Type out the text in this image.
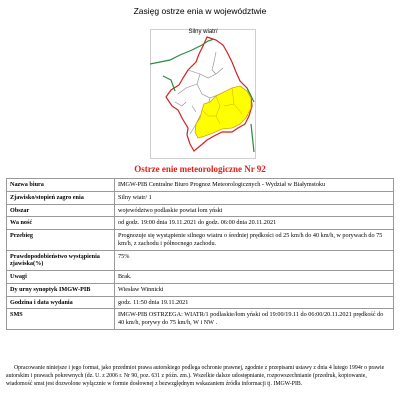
Zasięg ostrze enia w województwie
Silny wiatr/
Ostrze enie meteorologiczne Nr 92
Nazwa biura	IMGW-PIB Centralne Biuro Prognoz Meteorologicznych - Wydział w Białymstoku
Zjawisko/stopień zagro enia	Silny wiatr/ 1
Obszar	województwo podlaskie powiat łom yński
Wa ność	od godz. 19:00 dnia 19.11.2021 do godz. 06:00 dnia 20.11.2021
Przebieg	Prognozuje się wystąpienie silnego wiatru o średniej prędkości od 25 km/h do 40 km/h, w porywach do 75 km/h, z zachodu i północnego zachodu.
Prawdopodobieństwo wystąpienia zjawiska(%)	75%
Uwagi	Brak.
Dy urny synoptyk IMGW-PIB	Wiesław Winnicki
Godzina i data wydania	godz. 11:50 dnia 19.11.2021
SMS	IMGW-PIB OSTRZEGA: WIATR/1 podlaskie/łom yński od 19:00/19.11 do 06:00/20.11.2021 prędkość do 40 km/h, porywy do 75 km/h, W i NW .
Opracowanie niniejsze i jego format, jako przedmiot prawa autorskiego podlega ochronie prawnej, zgodnie z przepisami ustawy z dnia 4 lutego 1994r o prawie autorskim i prawach pokrewnych (dz. U. z 2006 r. Nr 90, poz. 631 z późn. zm.). Wszelkie dalsze udostępnianie, rozpowszechnianie (przedruk, kopiowanie, wiadomość smst jest dozwolone wyłącznie w formie dosłownej z bezwzględnym wskazaniem źródła informacji tj. IMGW-PIB.
